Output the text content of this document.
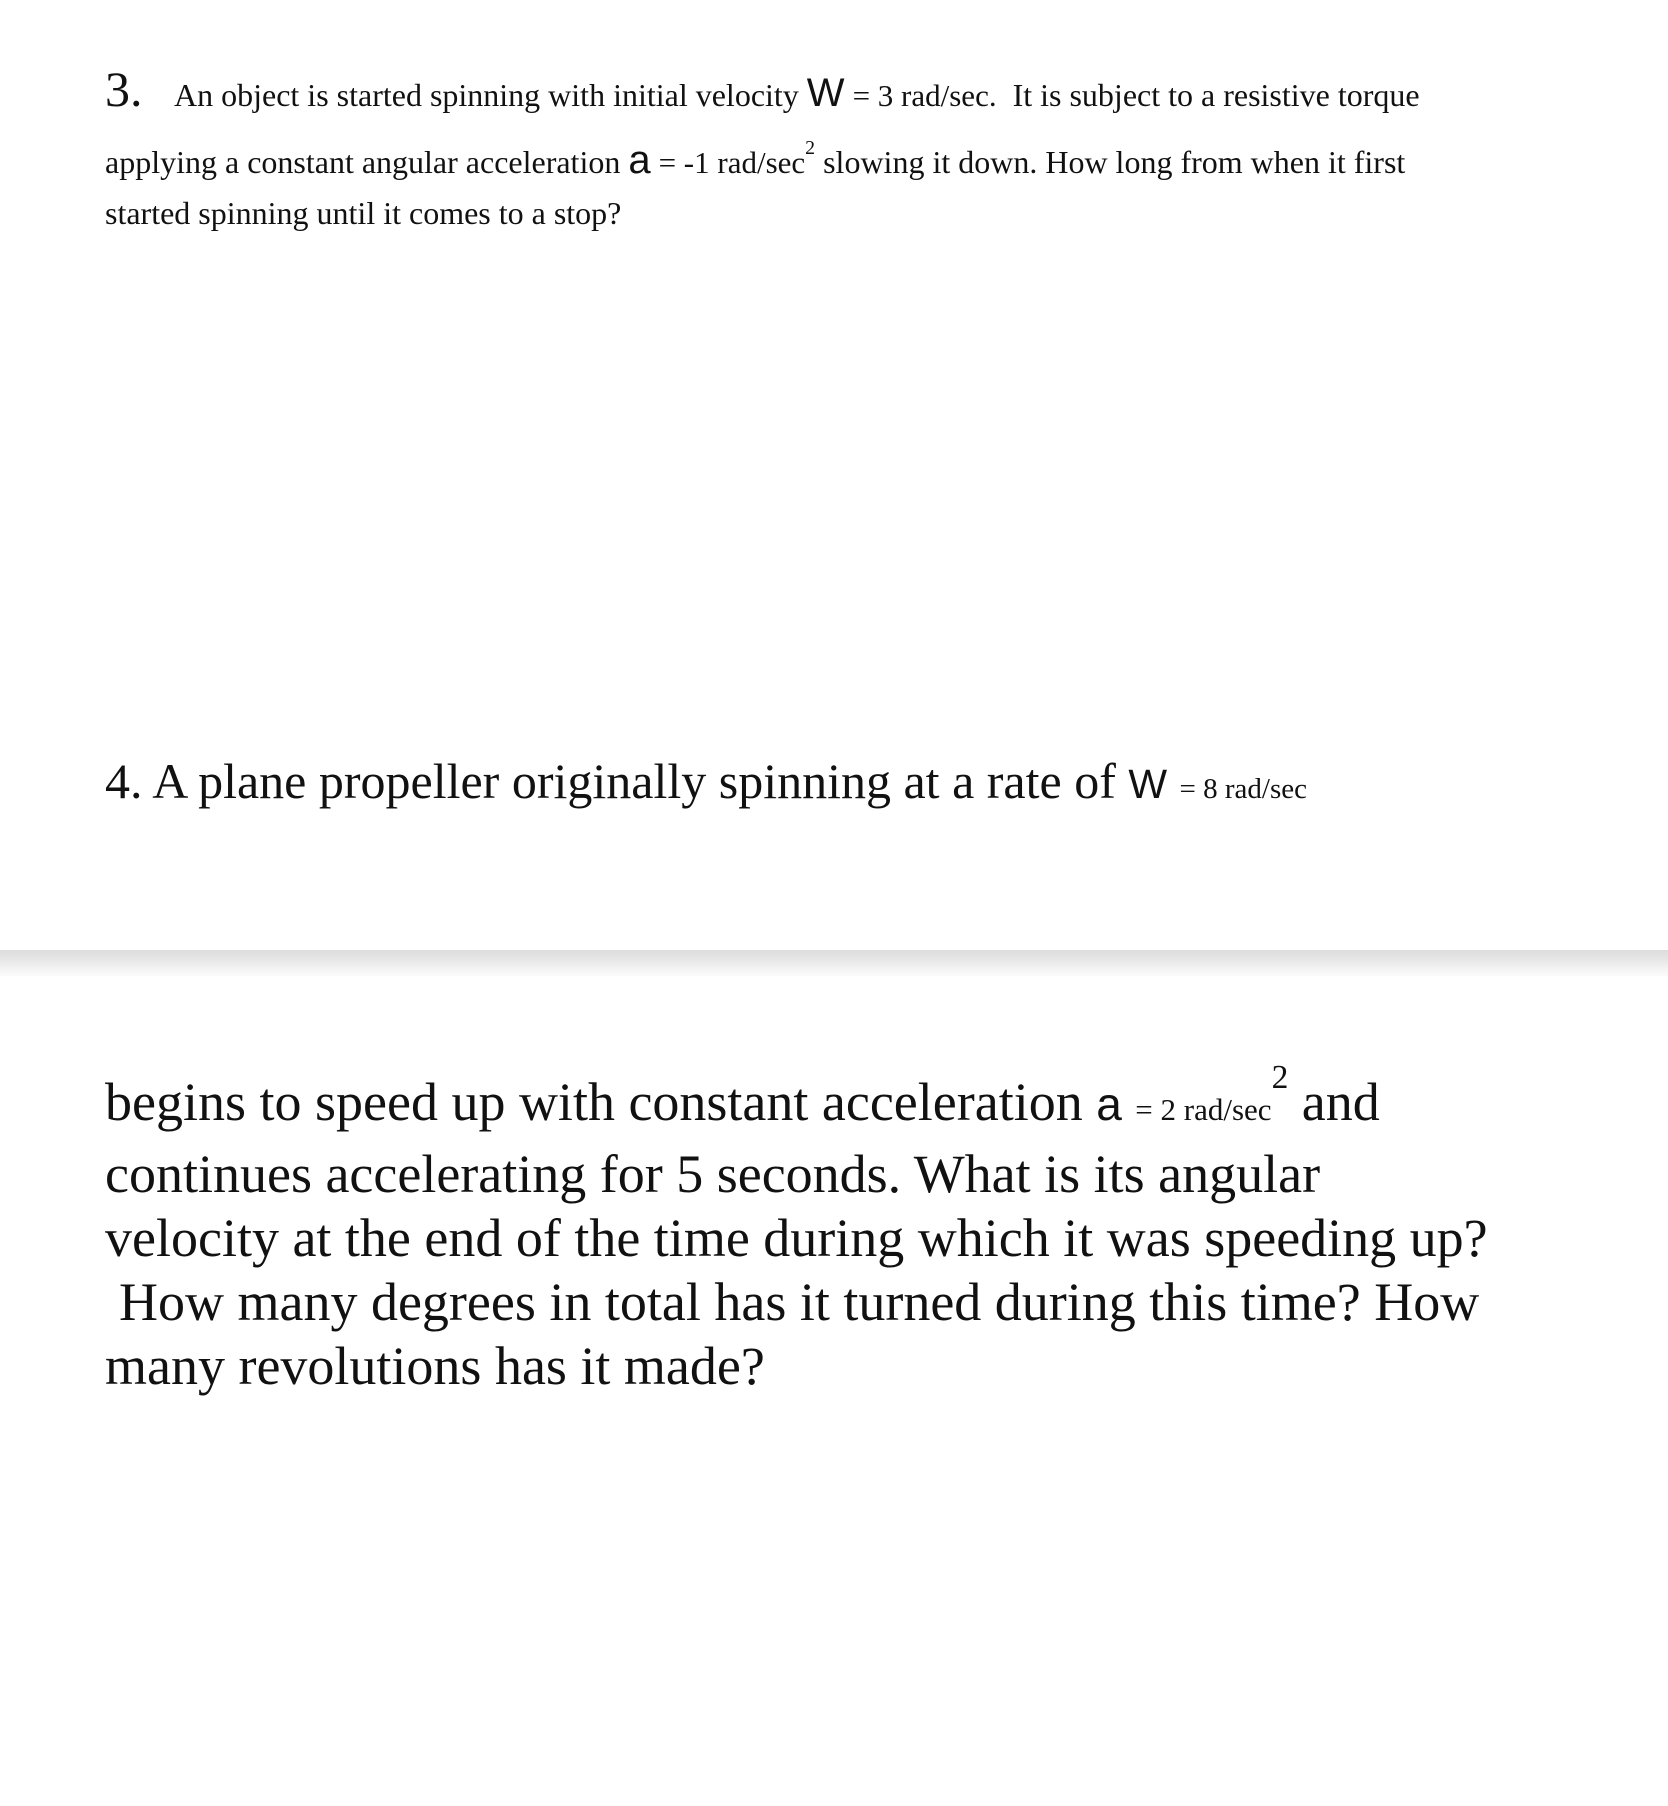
3. An object is started spinning with initial velocity W = 3 rad/sec. It is subject to a resistive torque
applying a constant angular acceleration a = -1 rad/$\sec^2$ slowing it down. How long from when it first
started spinning until it comes to a stop?
4. A plane propeller originally spinning at a rate of W = 8 rad/sec
begins to speed up with constant acceleration a = 2 rad/$\sec^2$ and
continues accelerating for 5 seconds. What is its angular
velocity at the end of the time during which it was speeding up?
How many degrees in total has it turned during this time? How
many revolutions has it made?
